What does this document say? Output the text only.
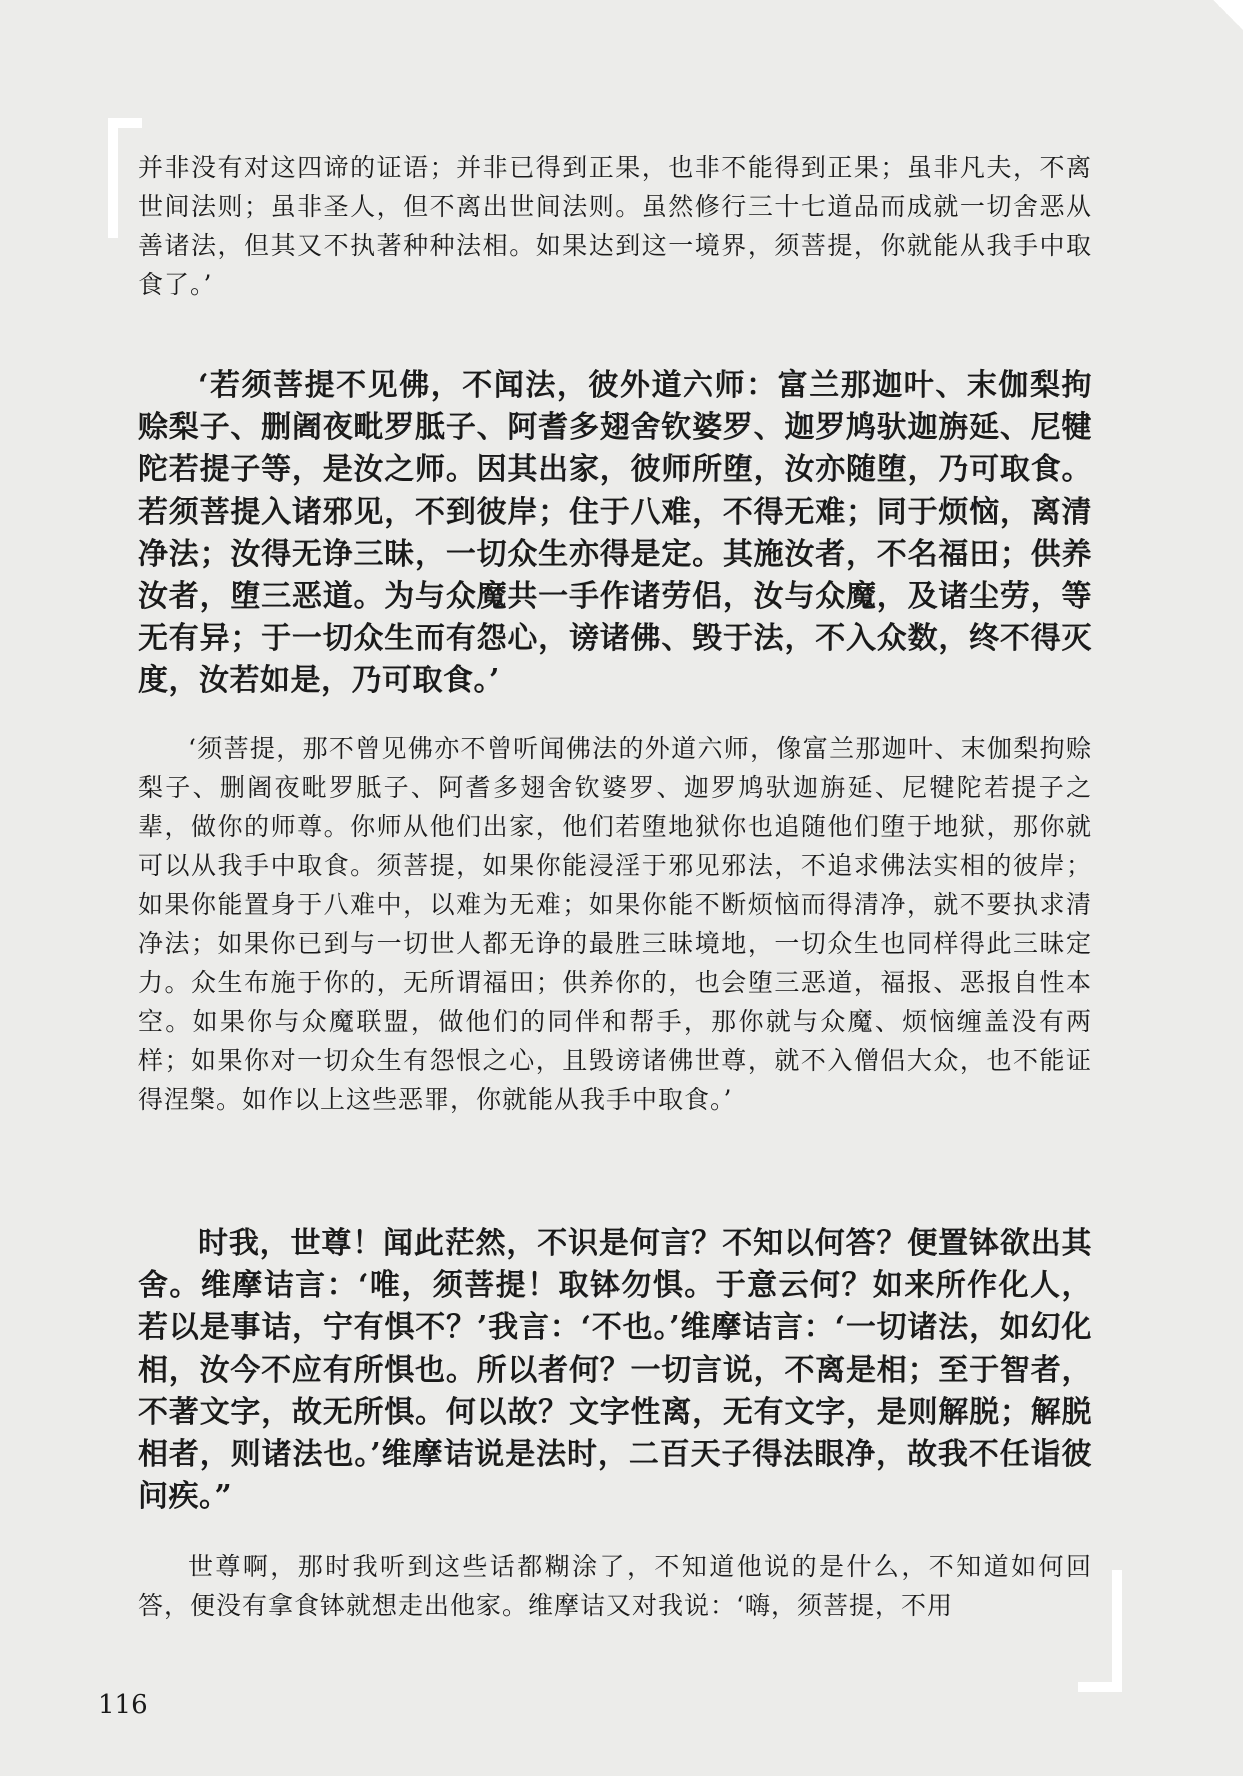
并非没有对这四谛的证语；并非已得到正果，也非不能得到正果；虽非凡夫，不离世间法则；虽非圣人，但不离出世间法则。虽然修行三十七道品而成就一切舍恶从善诸法，但其又不执著种种法相。如果达到这一境界，须菩提，你就能从我手中取食了。’

‘若须菩提不见佛，不闻法，彼外道六师：富兰那迦叶、末伽梨拘赊梨子、删阇夜毗罗胝子、阿耆多翅舍钦婆罗、迦罗鸠驮迦旃延、尼犍陀若提子等，是汝之师。因其出家，彼师所堕，汝亦随堕，乃可取食。若须菩提入诸邪见，不到彼岸；住于八难，不得无难；同于烦恼，离清净法；汝得无诤三昧，一切众生亦得是定。其施汝者，不名福田；供养汝者，堕三恶道。为与众魔共一手作诸劳侣，汝与众魔，及诸尘劳，等无有异；于一切众生而有怨心，谤诸佛、毁于法，不入众数，终不得灭度，汝若如是，乃可取食。’

‘须菩提，那不曾见佛亦不曾听闻佛法的外道六师，像富兰那迦叶、末伽梨拘赊梨子、删阇夜毗罗胝子、阿耆多翅舍钦婆罗、迦罗鸠驮迦旃延、尼犍陀若提子之辈，做你的师尊。你师从他们出家，他们若堕地狱你也追随他们堕于地狱，那你就可以从我手中取食。须菩提，如果你能浸淫于邪见邪法，不追求佛法实相的彼岸；如果你能置身于八难中，以难为无难；如果你能不断烦恼而得清净，就不要执求清净法；如果你已到与一切世人都无诤的最胜三昧境地，一切众生也同样得此三昧定力。众生布施于你的，无所谓福田；供养你的，也会堕三恶道，福报、恶报自性本空。如果你与众魔联盟，做他们的同伴和帮手，那你就与众魔、烦恼缠盖没有两样；如果你对一切众生有怨恨之心，且毁谤诸佛世尊，就不入僧侣大众，也不能证得涅槃。如作以上这些恶罪，你就能从我手中取食。’

时我，世尊！闻此茫然，不识是何言？不知以何答？便置钵欲出其舍。维摩诘言：‘唯，须菩提！取钵勿惧。于意云何？如来所作化人，若以是事诘，宁有惧不？’我言：‘不也。’维摩诘言：‘一切诸法，如幻化相，汝今不应有所惧也。所以者何？一切言说，不离是相；至于智者，不著文字，故无所惧。何以故？文字性离，无有文字，是则解脱；解脱相者，则诸法也。’维摩诘说是法时，二百天子得法眼净，故我不任诣彼问疾。”

世尊啊，那时我听到这些话都糊涂了，不知道他说的是什么，不知道如何回答，便没有拿食钵就想走出他家。维摩诘又对我说：‘嗨，须菩提，不用

116
